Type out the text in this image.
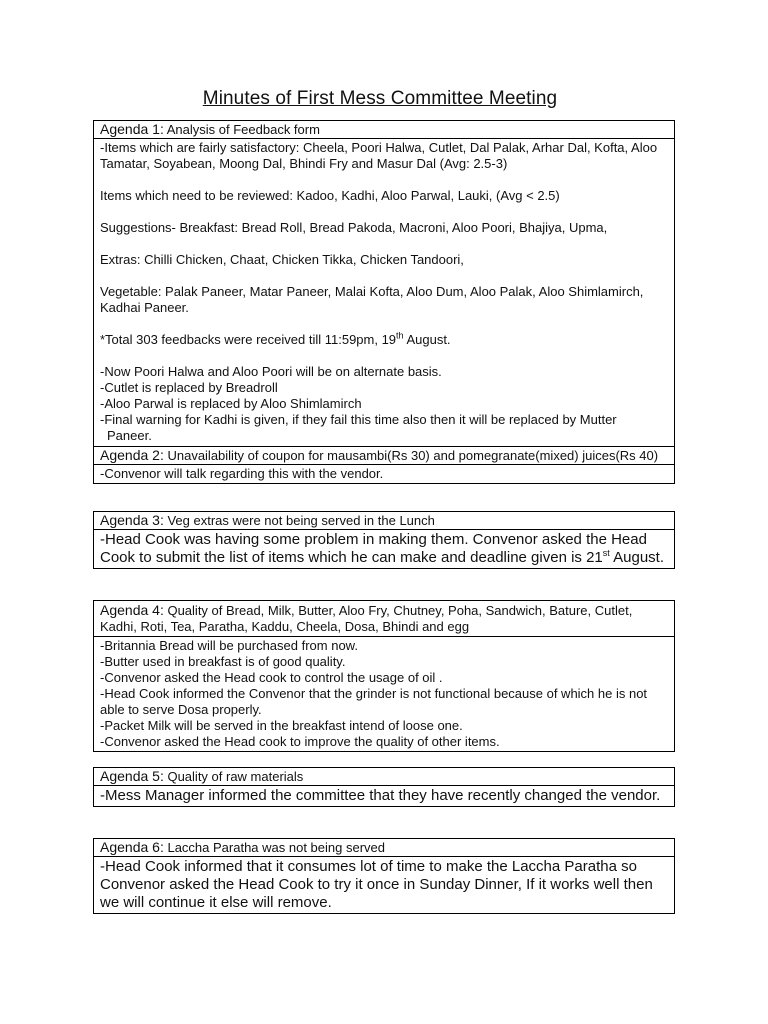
Minutes of First Mess Committee Meeting
Agenda 1: Analysis of Feedback form

-Items which are fairly satisfactory: Cheela, Poori Halwa, Cutlet, Dal Palak, Arhar Dal, Kofta, Aloo Tamatar, Soyabean, Moong Dal, Bhindi Fry and Masur Dal (Avg: 2.5-3)

Items which need to be reviewed: Kadoo, Kadhi, Aloo Parwal, Lauki, (Avg < 2.5)

Suggestions- Breakfast: Bread Roll, Bread Pakoda, Macroni, Aloo Poori, Bhajiya, Upma,

Extras: Chilli Chicken, Chaat, Chicken Tikka, Chicken Tandoori,

Vegetable: Palak Paneer, Matar Paneer, Malai Kofta, Aloo Dum, Aloo Palak, Aloo Shimlamirch, Kadhai Paneer.

*Total 303 feedbacks were received till 11:59pm, 19th August.

-Now Poori Halwa and Aloo Poori will be on alternate basis.

-Cutlet is replaced by Breadroll

-Aloo Parwal is replaced by Aloo Shimlamirch

-Final warning for Kadhi is given, if they fail this time also then it will be replaced by Mutter

Paneer.

Agenda 2: Unavailability of coupon for mausambi(Rs 30) and pomegranate(mixed) juices(Rs 40)
-Convenor will talk regarding this with the vendor.
Agenda 3: Veg extras were not being served in the Lunch
-Head Cook was having some problem in making them. Convenor asked the Head Cook to submit the list of items which he can make and deadline given is 21st August.
Agenda 4: Quality of Bread, Milk, Butter, Aloo Fry, Chutney, Poha, Sandwich, Bature, Cutlet, Kadhi, Roti, Tea, Paratha, Kaddu, Cheela, Dosa, Bhindi and egg

-Britannia Bread will be purchased from now.

-Butter used in breakfast is of good quality.

-Convenor asked the Head cook to control the usage of oil .

-Head Cook informed the Convenor that the grinder is not functional because of which he is not able to serve Dosa properly.

-Packet Milk will be served in the breakfast intend of loose one.

-Convenor asked the Head cook to improve the quality of other items.

Agenda 5: Quality of raw materials
-Mess Manager informed the committee that they have recently changed the vendor.
Agenda 6: Laccha Paratha was not being served
-Head Cook informed that it consumes lot of time to make the Laccha Paratha so Convenor asked the Head Cook to try it once in Sunday Dinner, If it works well then we will continue it else will remove.
